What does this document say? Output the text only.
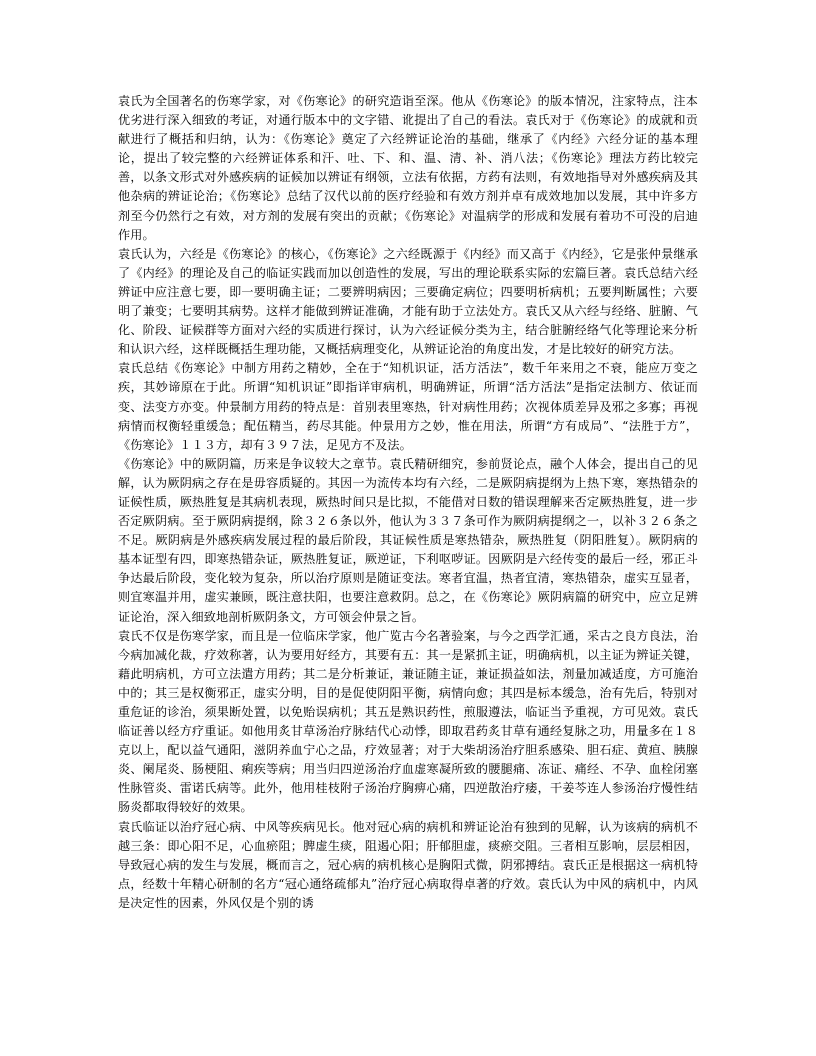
袁氏为全国著名的伤寒学家，对《伤寒论》的研究造诣至深。他从《伤寒论》的版本情况，注家特点，注本优劣进行深入细致的考证，对通行版本中的文字错、讹提出了自己的看法。袁氏对于《伤寒论》的成就和贡献进行了概括和归纳，认为：《伤寒论》奠定了六经辨证论治的基础，继承了《内经》六经分证的基本理论，提出了较完整的六经辨证体系和汗、吐、下、和、温、清、补、消八法；《伤寒论》理法方药比较完善，以条文形式对外感疾病的证候加以辨证有纲领，立法有依据，方药有法则，有效地指导对外感疾病及其他杂病的辨证论治；《伤寒论》总结了汉代以前的医疗经验和有效方剂并卓有成效地加以发展，其中许多方剂至今仍然行之有效，对方剂的发展有突出的贡献；《伤寒论》对温病学的形成和发展有着功不可没的启迪作用。

袁氏认为，六经是《伤寒论》的核心，《伤寒论》之六经既源于《内经》而又高于《内经》，它是张仲景继承了《内经》的理论及自己的临证实践而加以创造性的发展，写出的理论联系实际的宏篇巨著。袁氏总结六经辨证中应注意七要，即一要明确主证；二要辨明病因；三要确定病位；四要明析病机；五要判断属性；六要明了兼变；七要明其病势。这样才能做到辨证准确，才能有助于立法处方。袁氏又从六经与经络、脏腑、气化、阶段、证候群等方面对六经的实质进行探讨，认为六经证候分类为主，结合脏腑经络气化等理论来分析和认识六经，这样既概括生理功能，又概括病理变化，从辨证论治的角度出发，才是比较好的研究方法。

袁氏总结《伤寒论》中制方用药之精妙，全在于“知机识证，活方活法”，数千年来用之不衰，能应万变之疾，其妙谛原在于此。所谓“知机识证”即指详审病机，明确辨证，所谓“活方活法”是指定法制方、依证而变、法变方亦变。仲景制方用药的特点是：首别表里寒热，针对病性用药；次视体质差异及邪之多寡；再视病情而权衡轻重缓急；配伍精当，药尽其能。仲景用方之妙，惟在用法，所谓“方有成局”、“法胜于方”，《伤寒论》１１３方，却有３９７法，足见方不及法。

《伤寒论》中的厥阴篇，历来是争议较大之章节。袁氏精研细究，参前贤论点，融个人体会，提出自己的见解，认为厥阴病之存在是毋容质疑的。其因一为流传本均有六经，二是厥阴病提纲为上热下寒，寒热错杂的证候性质，厥热胜复是其病机表现，厥热时间只是比拟，不能借对日数的错误理解来否定厥热胜复，进一步否定厥阴病。至于厥阴病提纲，除３２６条以外，他认为３３７条可作为厥阴病提纲之一，以补３２６条之不足。厥阴病是外感疾病发展过程的最后阶段，其证候性质是寒热错杂，厥热胜复（阴阳胜复）。厥阴病的基本证型有四，即寒热错杂证，厥热胜复证，厥逆证，下利呕哕证。因厥阴是六经传变的最后一经，邪正斗争达最后阶段，变化较为复杂，所以治疗原则是随证变法。寒者宜温，热者宜清，寒热错杂，虚实互显者，则宜寒温并用，虚实兼顾，既注意扶阳，也要注意救阴。总之，在《伤寒论》厥阴病篇的研究中，应立足辨证论治，深入细致地剖析厥阴条文，方可领会仲景之旨。

袁氏不仅是伤寒学家，而且是一位临床学家，他广览古今名著验案，与今之西学汇通，采古之良方良法，治今病加减化裁，疗效称著，认为要用好经方，其要有五：其一是紧抓主证，明确病机，以主证为辨证关键，藉此明病机，方可立法遣方用药；其二是分析兼证，兼证随主证，兼证损益如法，剂量加减适度，方可施治中的；其三是权衡邪正，虚实分明，目的是促使阴阳平衡，病情向愈；其四是标本缓急，治有先后，特别对重危证的诊治，须果断处置，以免贻误病机；其五是熟识药性，煎服遵法，临证当予重视，方可见效。袁氏临证善以经方疗重证。如他用炙甘草汤治疗脉结代心动悸，即取君药炙甘草有通经复脉之功，用量多在１８克以上，配以益气通阳，滋阴养血宁心之品，疗效显著；对于大柴胡汤治疗胆系感染、胆石症、黄疸、胰腺炎、阑尾炎、肠梗阻、痢疾等病；用当归四逆汤治疗血虚寒凝所致的腰腿痛、冻证、痛经、不孕、血栓闭塞性脉管炎、雷诺氏病等。此外，他用桂枝附子汤治疗胸痹心痛，四逆散治疗痿，干姜芩连人参汤治疗慢性结肠炎都取得较好的效果。

袁氏临证以治疗冠心病、中风等疾病见长。他对冠心病的病机和辨证论治有独到的见解，认为该病的病机不越三条：即心阳不足，心血瘀阻；脾虚生痰，阻遏心阳；肝郁胆虚，痰瘀交阻。三者相互影响，层层相因，导致冠心病的发生与发展，概而言之，冠心病的病机核心是胸阳式微，阴邪搏结。袁氏正是根据这一病机特点，经数十年精心研制的名方“冠心通络疏郁丸”治疗冠心病取得卓著的疗效。袁氏认为中风的病机中，内风是决定性的因素，外风仅是个别的诱
